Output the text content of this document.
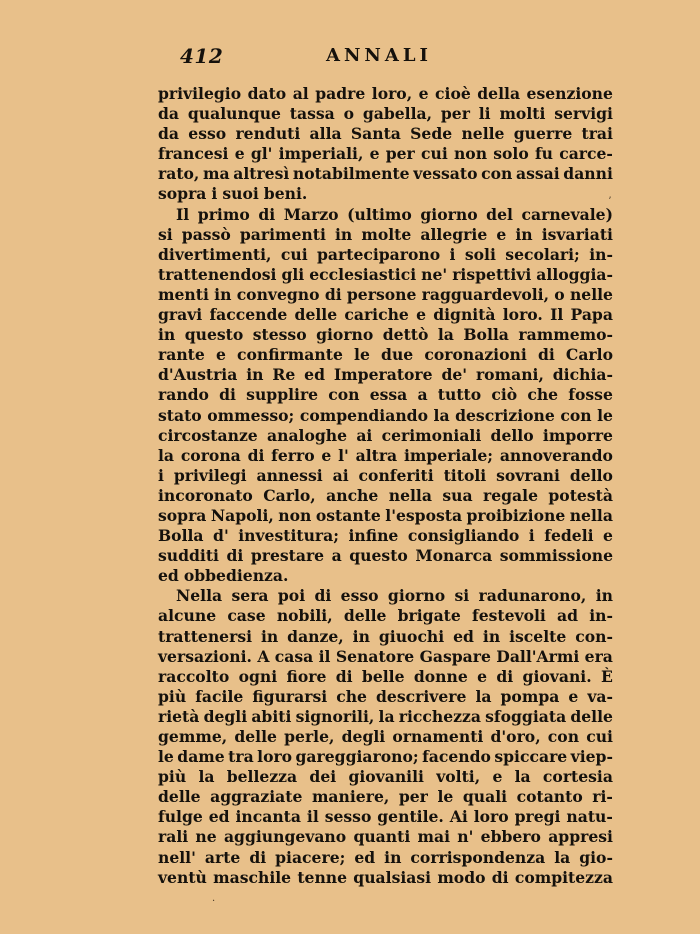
412	ANNALI
privilegio dato al padre loro, e cioè della esenzione
da qualunque tassa o gabella, per li molti servigi
da esso renduti alla Santa Sede nelle guerre trai
francesi e gl' imperiali, e per cui non solo fu carce-
rato, ma altresì notabilmente vessato con assai danni
sopra i suoi beni.
Il primo di Marzo (ultimo giorno del carnevale)
si passò parimenti in molte allegrie e in isvariati
divertimenti, cui parteciparono i soli secolari; in-
trattenendosi gli ecclesiastici ne' rispettivi alloggia-
menti in convegno di persone ragguardevoli, o nelle
gravi faccende delle cariche e dignità loro. Il Papa
in questo stesso giorno dettò la Bolla rammemo-
rante e confirmante le due coronazioni di Carlo
d'Austria in Re ed Imperatore de' romani, dichia-
rando di supplire con essa a tutto ciò che fosse
stato ommesso; compendiando la descrizione con le
circostanze analoghe ai cerimoniali dello imporre
la corona di ferro e l' altra imperiale; annoverando
i privilegi annessi ai conferiti titoli sovrani dello
incoronato Carlo, anche nella sua regale potestà
sopra Napoli, non ostante l'esposta proibizione nella
Bolla d' investitura; infine consigliando i fedeli e
sudditi di prestare a questo Monarca sommissione
ed obbedienza.
Nella sera poi di esso giorno si radunarono, in
alcune case nobili, delle brigate festevoli ad in-
trattenersi in danze, in giuochi ed in iscelte con-
versazioni. A casa il Senatore Gaspare Dall'Armi era
raccolto ogni fiore di belle donne e di giovani. È
più facile figurarsi che descrivere la pompa e va-
rietà degli abiti signorili, la ricchezza sfoggiata delle
gemme, delle perle, degli ornamenti d'oro, con cui
le dame tra loro gareggiarono; facendo spiccare viep-
più la bellezza dei giovanili volti, e la cortesia
delle aggraziate maniere, per le quali cotanto ri-
fulge ed incanta il sesso gentile. Ai loro pregi natu-
rali ne aggiungevano quanti mai n' ebbero appresi
nell' arte di piacere; ed in corrispondenza la gio-
ventù maschile tenne qualsiasi modo di compitezza
ʼ
·
